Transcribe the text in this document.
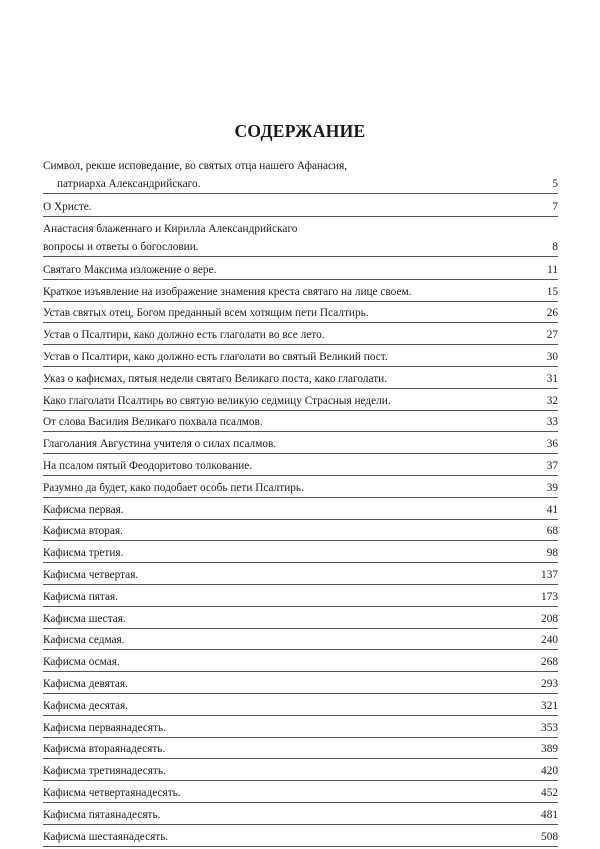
СОДЕРЖАНИЕ
Символ, рекше исповедание, во святых отца нашего Афанасия,
патриарха Александрийскаго.	5
О Христе.	7
Анастасия блаженнаго и Кирилла Александрийскаго
вопросы и ответы о богословии.	8
Святаго Максима изложение о вере.	11
Краткое изъявление на изображение знамения креста святаго на лице своем.	15
Устав святых отец, Богом преданный всем хотящим пети Псалтирь.	26
Устав о Псалтири, како должно есть глаголати во все лето.	27
Устав о Псалтири, како должно есть глаголати во святый Великий пост.	30
Указ о кафисмах, пятыя недели святаго Великаго поста, како глаголати.	31
Како глаголати Псалтирь во святую великую седмицу Страсныя недели.	32
От слова Василия Великаго похвала псалмов.	33
Глаголания Августина учителя о силах псалмов.	36
На псалом пятый Феодоритово толкование.	37
Разумно да будет, како подобает особь пети Псалтирь.	39
Кафисма первая.	41
Кафисма вторая.	68
Кафисма третия.	98
Кафисма четвертая.	137
Кафисма пятая.	173
Кафисма шестая.	208
Кафисма седмая.	240
Кафисма осмая.	268
Кафисма девятая.	293
Кафисма десятая.	321
Кафисма перваянадесять.	353
Кафисма втораянадесять.	389
Кафисма третиянадесять.	420
Кафисма четвертаянадесять.	452
Кафисма пятаянадесять.	481
Кафисма шестаянадесять.	508
